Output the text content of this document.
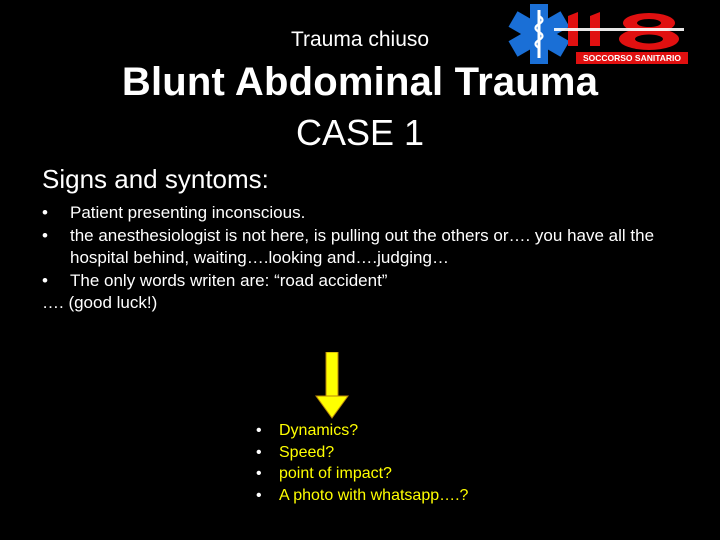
Trauma chiuso
SOCCORSO SANITARIO
Blunt Abdominal Trauma
CASE 1
Signs and syntoms:
• Patient presenting inconscious.
• the anesthesiologist is not here, is pulling out the others or…. you have all the hospital behind, waiting….looking and….judging…
• The only words writen are: “road accident”
…. (good luck!)
• Dynamics?
• Speed?
• point of impact?
• A photo with whatsapp….?
